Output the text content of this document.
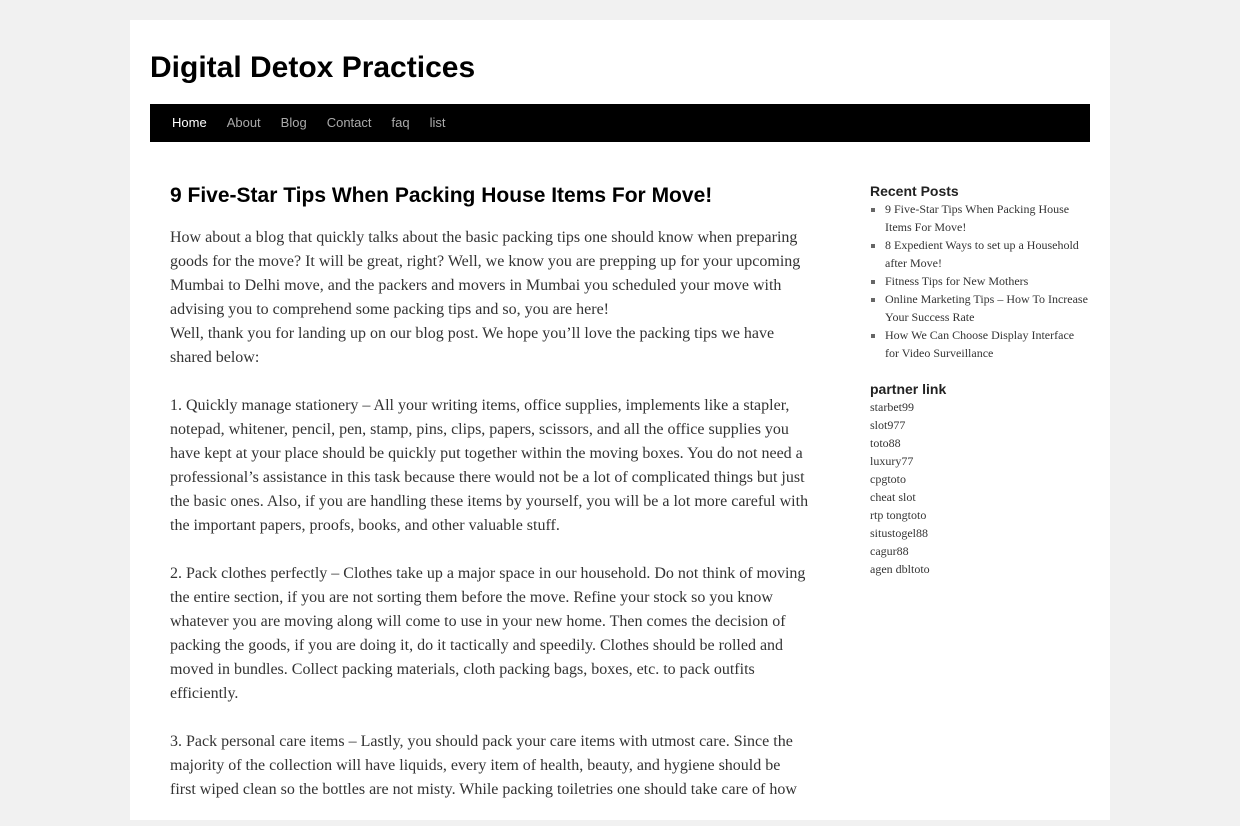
Digital Detox Practices
Home	About	Blog	Contact	faq	list
9 Five-Star Tips When Packing House Items For Move!

How about a blog that quickly talks about the basic packing tips one should know when preparing goods for the move? It will be great, right? Well, we know you are prepping up for your upcoming Mumbai to Delhi move, and the packers and movers in Mumbai you scheduled your move with advising you to comprehend some packing tips and so, you are here!

Well, thank you for landing up on our blog post. We hope you’ll love the packing tips we have shared below:

1. Quickly manage stationery – All your writing items, office supplies, implements like a stapler, notepad, whitener, pencil, pen, stamp, pins, clips, papers, scissors, and all the office supplies you have kept at your place should be quickly put together within the moving boxes. You do not need a professional’s assistance in this task because there would not be a lot of complicated things but just the basic ones. Also, if you are handling these items by yourself, you will be a lot more careful with the important papers, proofs, books, and other valuable stuff.

2. Pack clothes perfectly – Clothes take up a major space in our household. Do not think of moving the entire section, if you are not sorting them before the move. Refine your stock so you know whatever you are moving along will come to use in your new home. Then comes the decision of packing the goods, if you are doing it, do it tactically and speedily. Clothes should be rolled and moved in bundles. Collect packing materials, cloth packing bags, boxes, etc. to pack outfits efficiently.

3. Pack personal care items – Lastly, you should pack your care items with utmost care. Since the majority of the collection will have liquids, every item of health, beauty, and hygiene should be first wiped clean so the bottles are not misty. While packing toiletries one should take care of how

Recent Posts
▪ 9 Five-Star Tips When Packing House Items For Move!
▪ 8 Expedient Ways to set up a Household after Move!
▪ Fitness Tips for New Mothers
▪ Online Marketing Tips – How To Increase Your Success Rate
▪ How We Can Choose Display Interface for Video Surveillance
partner link
starbet99
slot977
toto88
luxury77
cpgtoto
cheat slot
rtp tongtoto
situstogel88
cagur88
agen dbltoto
